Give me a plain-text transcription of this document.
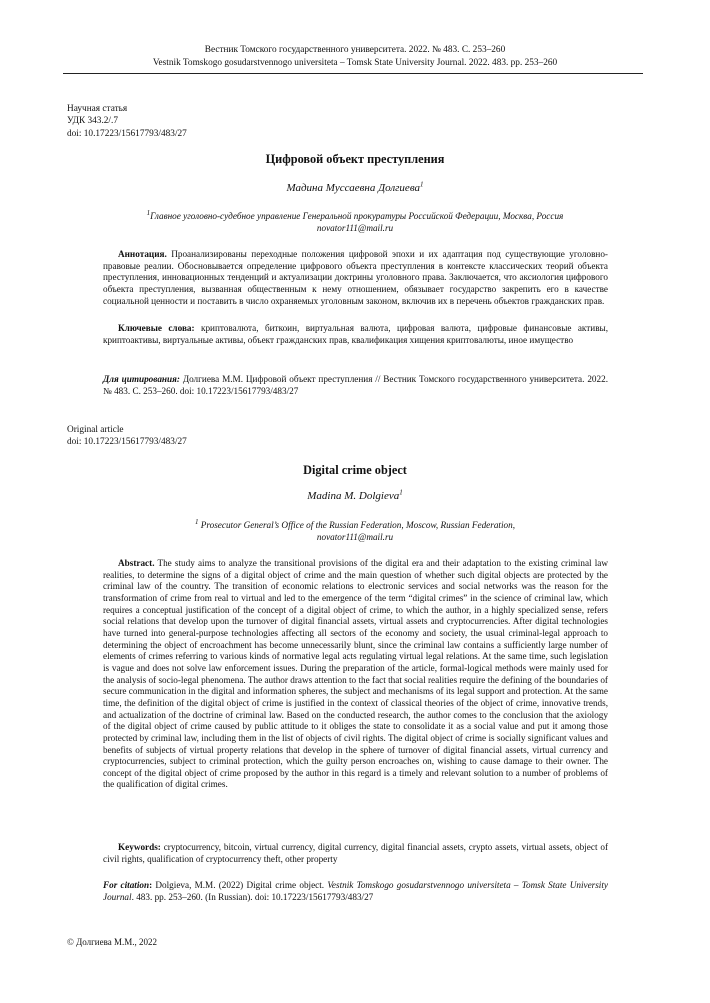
Вестник Томского государственного университета. 2022. № 483. С. 253–260
Vestnik Tomskogo gosudarstvennogo universiteta – Tomsk State University Journal. 2022. 483. pp. 253–260
Научная статья
УДК 343.2/.7
doi: 10.17223/15617793/483/27
Цифровой объект преступления
Мадина Муссаевна Долгиева$^1$
$^1$Главное уголовно-судебное управление Генеральной прокуратуры Российской Федерации, Москва, Россия
novator111@mail.ru
Аннотация. Проанализированы переходные положения цифровой эпохи и их адаптация под существующие уголовно-правовые реалии. Обосновывается определение цифрового объекта преступления в контексте классических теорий объекта преступления, инновационных тенденций и актуализации доктрины уголовного права. Заключается, что аксиология цифрового объекта преступления, вызванная общественным к нему отношением, обязывает государство закрепить его в качестве социальной ценности и поставить в число охраняемых уголовным законом, включив их в перечень объектов гражданских прав.
Ключевые слова: криптовалюта, биткоин, виртуальная валюта, цифровая валюта, цифровые финансовые активы, криптоактивы, виртуальные активы, объект гражданских прав, квалификация хищения криптовалюты, иное имущество
Для цитирования: Долгиева М.М. Цифровой объект преступления // Вестник Томского государственного университета. 2022. № 483. С. 253–260. doi: 10.17223/15617793/483/27
Original article
doi: 10.17223/15617793/483/27
Digital crime object
Madina M. Dolgieva$^1$
$^1$ Prosecutor General’s Office of the Russian Federation, Moscow, Russian Federation,
novator111@mail.ru
Abstract. The study aims to analyze the transitional provisions of the digital era and their adaptation to the existing criminal law realities, to determine the signs of a digital object of crime and the main question of whether such digital objects are protected by the criminal law of the country. The transition of economic relations to electronic services and social networks was the reason for the transformation of crime from real to virtual and led to the emergence of the term “digital crimes” in the science of criminal law, which requires a conceptual justification of the concept of a digital object of crime, to which the author, in a highly specialized sense, refers social relations that develop upon the turnover of digital financial assets, virtual assets and cryptocurrencies. After digital technologies have turned into general-purpose technologies affecting all sectors of the economy and society, the usual criminal-legal approach to determining the object of encroachment has become unnecessarily blunt, since the criminal law contains a sufficiently large number of elements of crimes referring to various kinds of normative legal acts regulating virtual legal relations. At the same time, such legislation is vague and does not solve law enforcement issues. During the preparation of the article, formal-logical methods were mainly used for the analysis of socio-legal phenomena. The author draws attention to the fact that social realities require the defining of the boundaries of secure communication in the digital and information spheres, the subject and mechanisms of its legal support and protection. At the same time, the definition of the digital object of crime is justified in the context of classical theories of the object of crime, innovative trends, and actualization of the doctrine of criminal law. Based on the conducted research, the author comes to the conclusion that the axiology of the digital object of crime caused by public attitude to it obliges the state to consolidate it as a social value and put it among those protected by criminal law, including them in the list of objects of civil rights. The digital object of crime is socially significant values and benefits of subjects of virtual property relations that develop in the sphere of turnover of digital financial assets, virtual currency and cryptocurrencies, subject to criminal protection, which the guilty person encroaches on, wishing to cause damage to their owner. The concept of the digital object of crime proposed by the author in this regard is a timely and relevant solution to a number of problems of the qualification of digital crimes.
Keywords: cryptocurrency, bitcoin, virtual currency, digital currency, digital financial assets, crypto assets, virtual assets, object of civil rights, qualification of cryptocurrency theft, other property
For citation: Dolgieva, M.M. (2022) Digital crime object. Vestnik Tomskogo gosudarstvennogo universiteta – Tomsk State University Journal. 483. pp. 253–260. (In Russian). doi: 10.17223/15617793/483/27
© Долгиева М.М., 2022
